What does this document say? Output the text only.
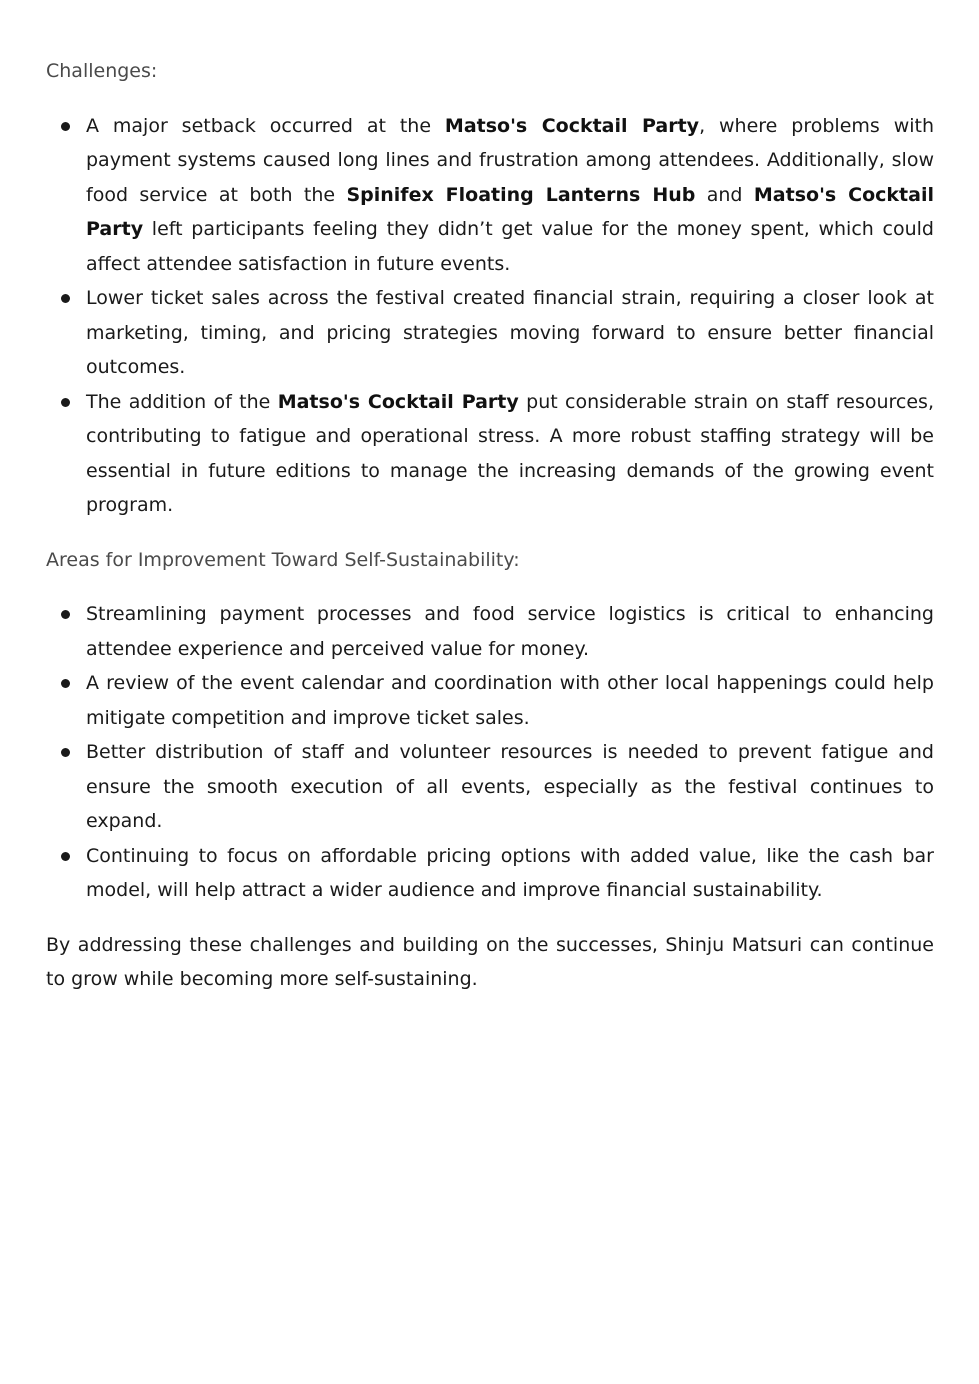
Challenges:

A major setback occurred at the Matso's Cocktail Party, where problems with payment systems caused long lines and frustration among attendees. Additionally, slow food service at both the Spinifex Floating Lanterns Hub and Matso's Cocktail Party left participants feeling they didn’t get value for the money spent, which could affect attendee satisfaction in future events.
Lower ticket sales across the festival created financial strain, requiring a closer look at marketing, timing, and pricing strategies moving forward to ensure better financial outcomes.
The addition of the Matso's Cocktail Party put considerable strain on staff resources, contributing to fatigue and operational stress. A more robust staffing strategy will be essential in future editions to manage the increasing demands of the growing event program.

Areas for Improvement Toward Self-Sustainability:

Streamlining payment processes and food service logistics is critical to enhancing attendee experience and perceived value for money.
A review of the event calendar and coordination with other local happenings could help mitigate competition and improve ticket sales.
Better distribution of staff and volunteer resources is needed to prevent fatigue and ensure the smooth execution of all events, especially as the festival continues to expand.
Continuing to focus on affordable pricing options with added value, like the cash bar model, will help attract a wider audience and improve financial sustainability.

By addressing these challenges and building on the successes, Shinju Matsuri can continue to grow while becoming more self-sustaining.
